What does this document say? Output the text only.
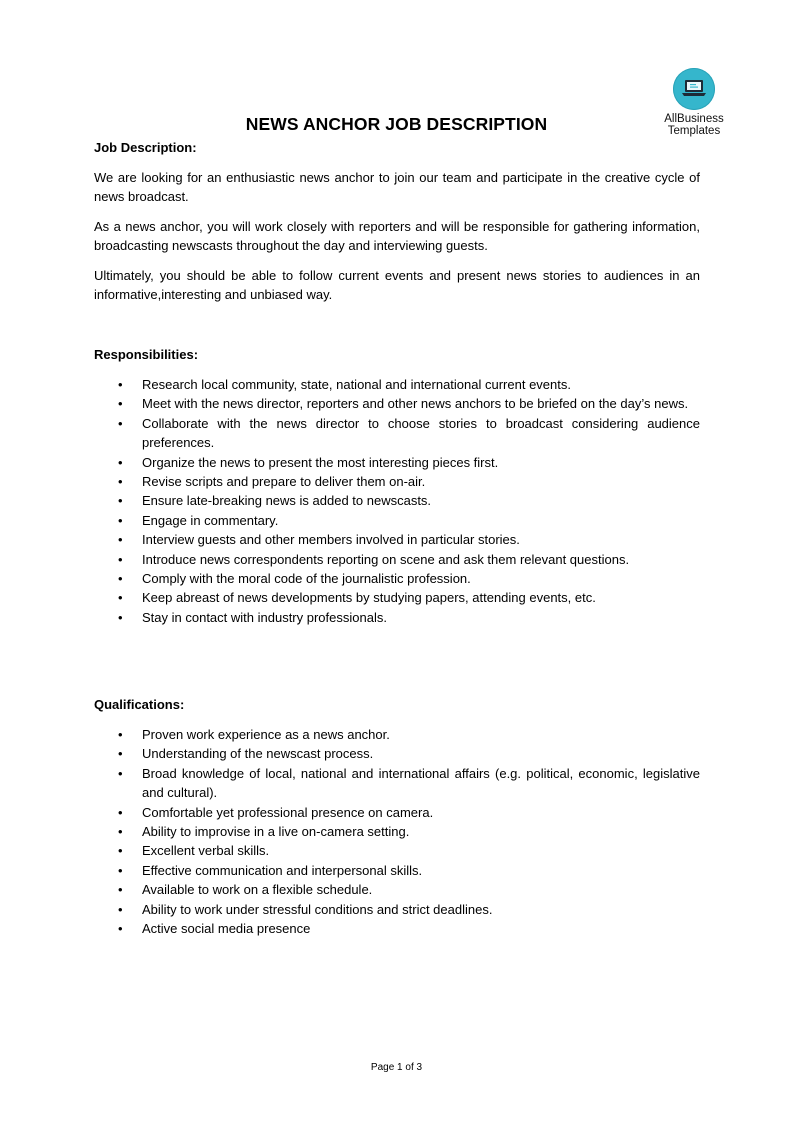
AllBusiness
Templates
NEWS ANCHOR JOB DESCRIPTION
Job Description:

We are looking for an enthusiastic news anchor to join our team and participate in the creative cycle of news broadcast.

As a news anchor, you will work closely with reporters and will be responsible for gathering information, broadcasting newscasts throughout the day and interviewing guests.

Ultimately, you should be able to follow current events and present news stories to audiences in an informative,interesting and unbiased way.

Responsibilities:
• Research local community, state, national and international current events.
• Meet with the news director, reporters and other news anchors to be briefed on the day’s news.
• Collaborate with the news director to choose stories to broadcast considering audience preferences.
• Organize the news to present the most interesting pieces first.
• Revise scripts and prepare to deliver them on-air.
• Ensure late-breaking news is added to newscasts.
• Engage in commentary.
• Interview guests and other members involved in particular stories.
• Introduce news correspondents reporting on scene and ask them relevant questions.
• Comply with the moral code of the journalistic profession.
• Keep abreast of news developments by studying papers, attending events, etc.
• Stay in contact with industry professionals.
Qualifications:
• Proven work experience as a news anchor.
• Understanding of the newscast process.
• Broad knowledge of local, national and international affairs (e.g. political, economic, legislative and cultural).
• Comfortable yet professional presence on camera.
• Ability to improvise in a live on-camera setting.
• Excellent verbal skills.
• Effective communication and interpersonal skills.
• Available to work on a flexible schedule.
• Ability to work under stressful conditions and strict deadlines.
• Active social media presence
Page 1 of 3
